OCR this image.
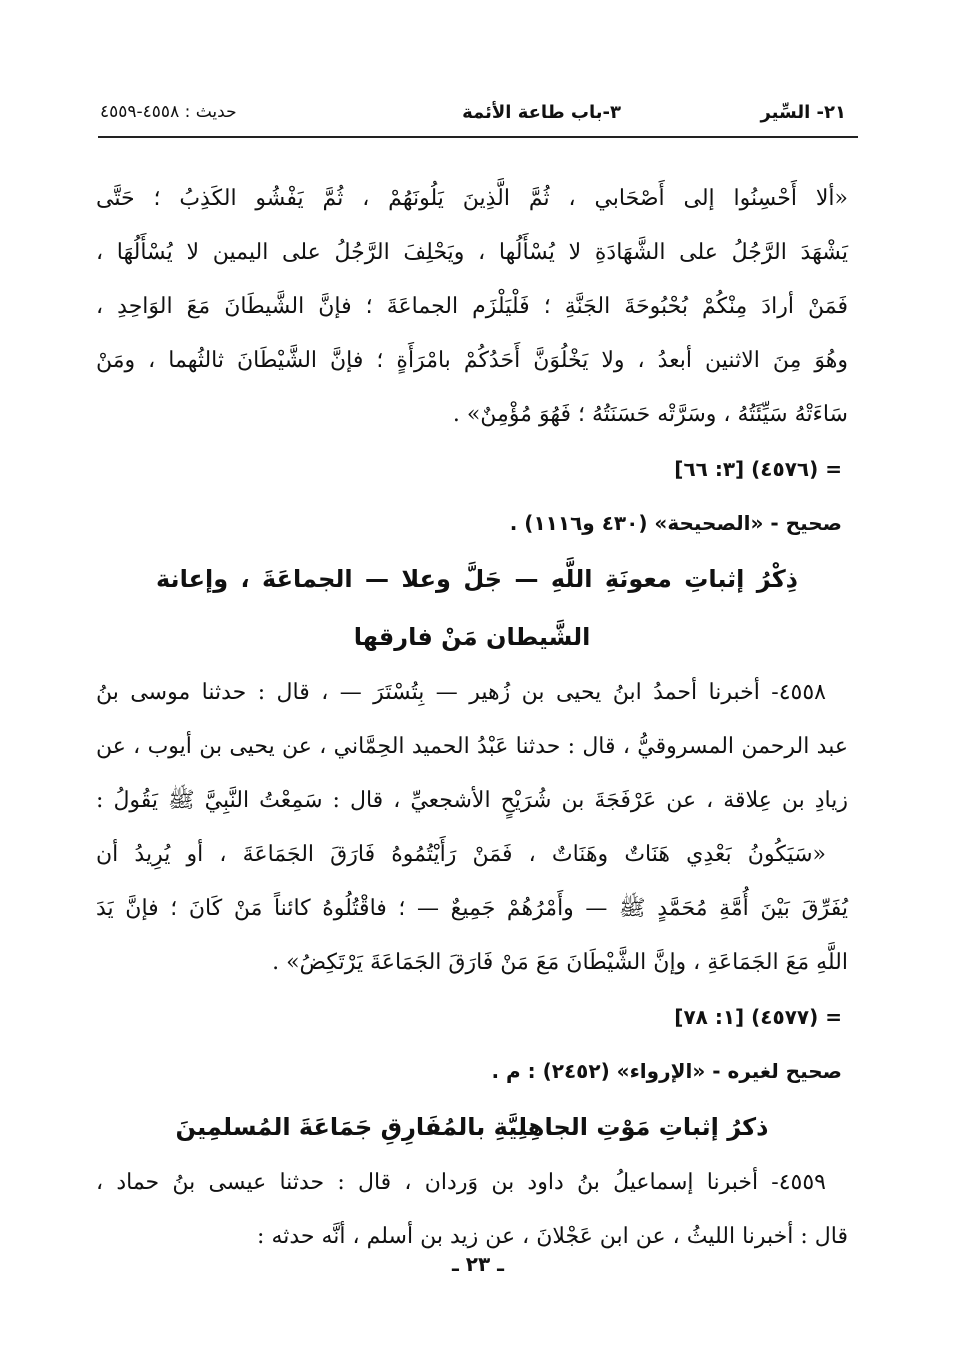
٢١- السِّير
٣-باب طاعة الأئمة
حديث : ٤٥٥٨-٤٥٥٩
«ألا أَحْسِنُوا إلى أَصْحَابي ، ثُمَّ الَّذِينَ يَلُونَهُمْ ، ثُمَّ يَفْشُو الكَذِبُ ؛ حَتَّى
يَشْهَدَ الرَّجُلُ على الشَّهَادَةِ لا يُسْأَلُها ، ويَحْلِفَ الرَّجُلُ على اليمين لا يُسْأَلُهَا ،
فَمَنْ أرادَ مِنْكُمْ بُحْبُوحَةَ الجَنَّةِ ؛ فَلْيَلْزَم الجماعَةَ ؛ فإنَّ الشَّيطَانَ مَعَ الوَاحِدِ ،
وهُوَ مِنَ الاثنين أبعدُ ، ولا يَخْلُوَنَّ أَحَدُكُمْ بامْرَأَةٍ ؛ فإنَّ الشَّيْطَانَ ثالثُهما ، ومَنْ
سَاءَتْهُ سَيِّئَتُهُ ، وسَرَّتْه حَسَنَتُهُ ؛ فَهُوَ مُؤْمِنٌ» .
= (٤٥٧٦) [٣: ٦٦]
صحيح - «الصحيحة» (٤٣٠ و١١١٦) .
ذِكْرُ إثباتِ معونَةِ اللَّهِ — جَلَّ وعلا — الجماعَةَ ، وإعانة
الشَّيطان مَنْ فارقها
٤٥٥٨- أخبرنا أحمدُ ابنُ يحيى بن زُهير — بِتُسْتَرَ — ، قال : حدثنا موسى بنُ
عبد الرحمن المسروقيُّ ، قال : حدثنا عَبْدُ الحميد الحِمَّاني ، عن يحيى بن أيوب ، عن
زيادِ بن عِلاقة ، عن عَرْفَجَةَ بن شُرَيْحٍ الأشجعيِّ ، قال : سَمِعْتُ النَّبِيَّ ﷺ يَقُولُ :
«سَيَكُونُ بَعْدِي هَنَاتٌ وهَنَاتٌ ، فَمَنْ رَأَيْتُمُوهُ فَارَقَ الجَمَاعَةَ ، أو يُرِيدُ أن
يُفَرِّقَ بَيْنَ أُمَّةِ مُحَمَّدٍ ﷺ — وأَمْرُهُمْ جَمِيعٌ — ؛ فاقْتُلُوهُ كائناً مَنْ كَانَ ؛ فإنَّ يَدَ
اللَّهِ مَعَ الجَمَاعَةِ ، وإنَّ الشَّيْطَانَ مَعَ مَنْ فَارَقَ الجَمَاعَةَ يَرْتَكِضُ» .
= (٤٥٧٧) [١: ٧٨]
صحيح لغيره - «الإرواء» (٢٤٥٢) : م .
ذكرُ إثباتِ مَوْتِ الجاهِلِيَّةِ بالمُفَارِقِ جَمَاعَةَ المُسلمِينَ
٤٥٥٩- أخبرنا إسماعيلُ بنُ داود بن وَردان ، قال : حدثنا عيسى بنُ حماد ،
قال : أخبرنا الليثُ ، عن ابن عَجْلانَ ، عن زيد بن أسلم ، أنَّه حدثه :
ـ ٢٣ ـ
